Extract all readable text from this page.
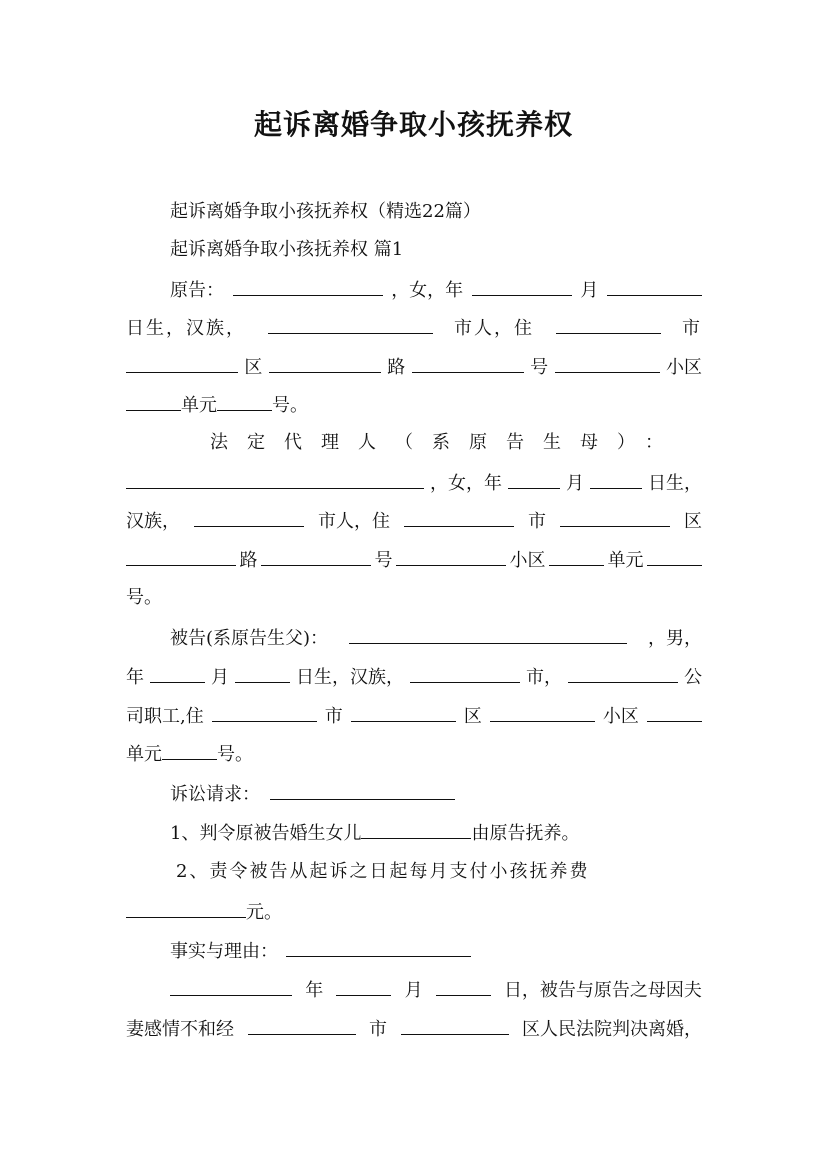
起诉离婚争取小孩抚养权
起诉离婚争取小孩抚养权（精选22篇）
起诉离婚争取小孩抚养权 篇1
原告：	，女，年	月
日生，汉族，	市人，住	市
区	路	号	小区
单元	号。
法定代理人（系原告生母）：
，女，年	月	日生，
汉族，	市人，住	市	区
路	号	小区	单元
号。
被告(系原告生父)：	，男，
年	月	日生，汉族，	市，	公
司职工,住	市	区	小区
单元	号。
诉讼请求：
1、判令原被告婚生女儿	由原告抚养。
2、责令被告从起诉之日起每月支付小孩抚养费
元。
事实与理由：
年	月	日，被告与原告之母因夫
妻感情不和经	市	区人民法院判决离婚，
